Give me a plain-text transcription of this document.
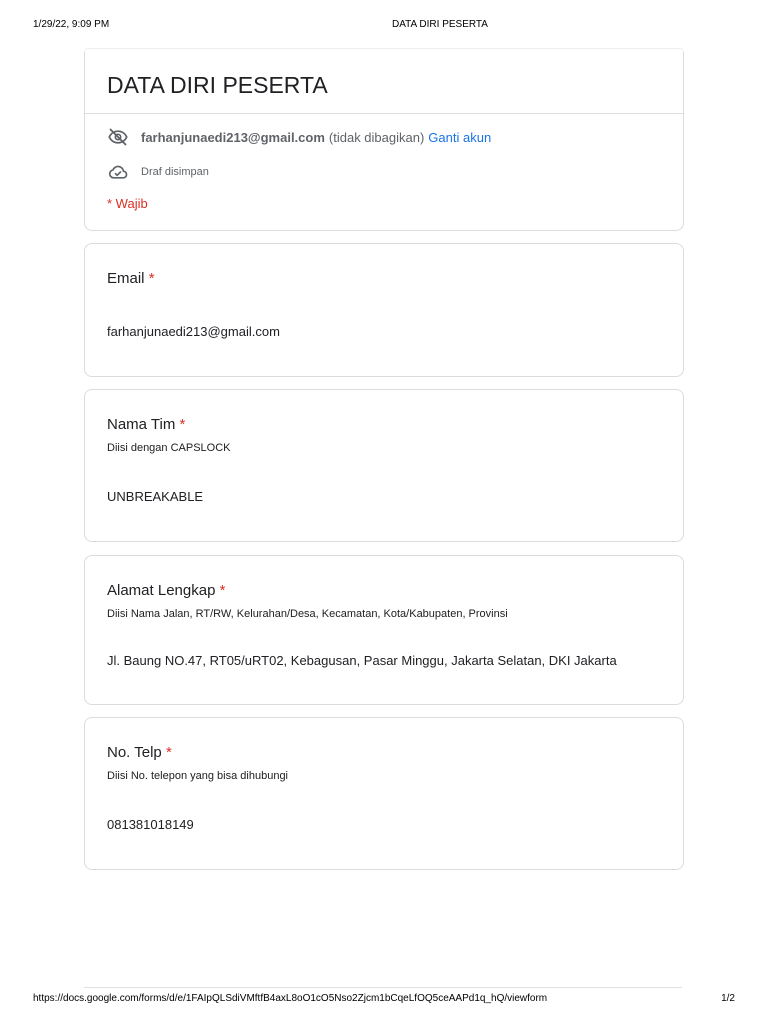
1/29/22, 9:09 PM	DATA DIRI PESERTA
DATA DIRI PESERTA
farhanjunaedi213@gmail.com (tidak dibagikan) Ganti akun
Draf disimpan
* Wajib
Email *
farhanjunaedi213@gmail.com
Nama Tim *
Diisi dengan CAPSLOCK
UNBREAKABLE
Alamat Lengkap *
Diisi Nama Jalan, RT/RW, Kelurahan/Desa, Kecamatan, Kota/Kabupaten, Provinsi
Jl. Baung NO.47, RT05/uRT02, Kebagusan, Pasar Minggu, Jakarta Selatan, DKI Jakarta
No. Telp *
Diisi No. telepon yang bisa dihubungi
081381018149
https://docs.google.com/forms/d/e/1FAIpQLSdiVMftfB4axL8oO1cO5Nso2Zjcm1bCqeLfOQ5ceAAPd1q_hQ/viewform	1/2
